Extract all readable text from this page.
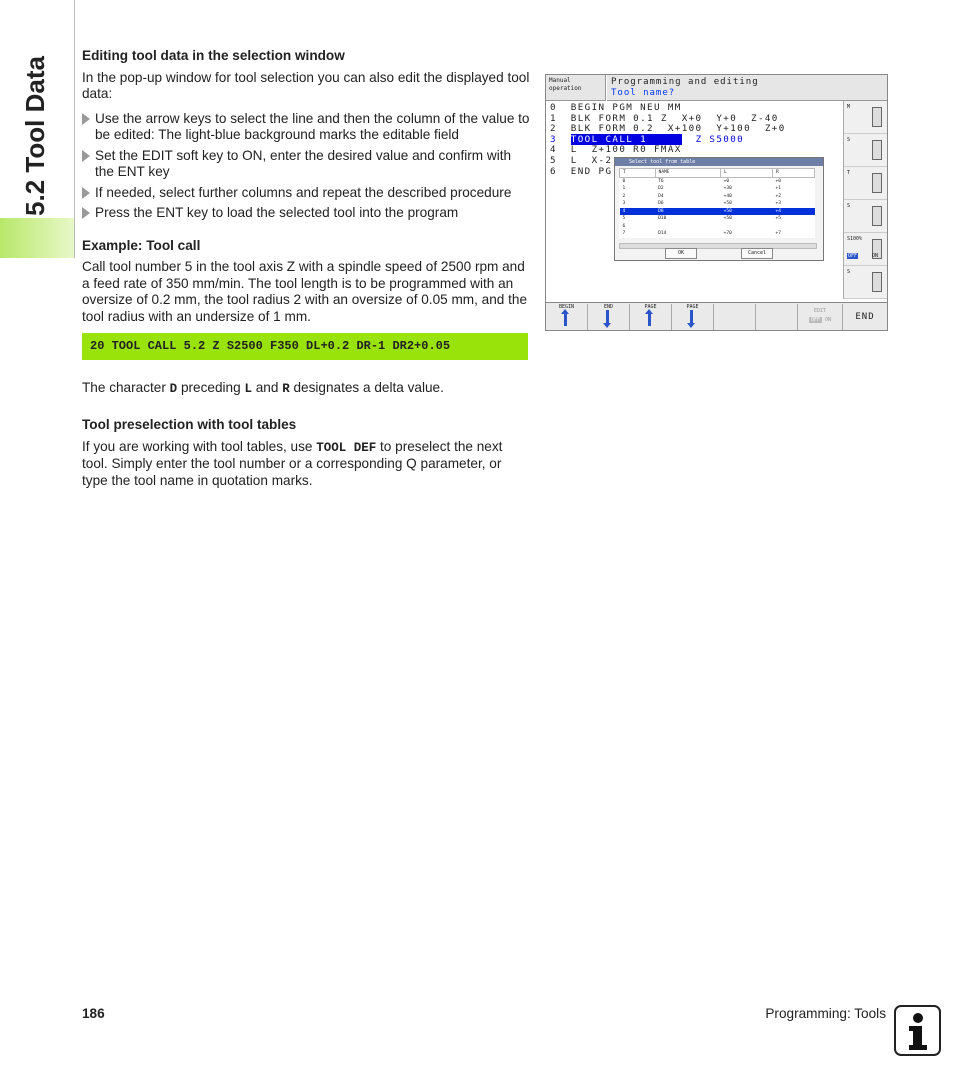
5.2 Tool Data
Editing tool data in the selection window

In the pop-up window for tool selection you can also edit the displayed tool data:

Use the arrow keys to select the line and then the column of the value to be edited: The light-blue background marks the editable field
Set the EDIT soft key to ON, enter the desired value and confirm with the ENT key
If needed, select further columns and repeat the described procedure
Press the ENT key to load the selected tool into the program
Example: Tool call

Call tool number 5 in the tool axis Z with a spindle speed of 2500 rpm and a feed rate of 350 mm/min. The tool length is to be programmed with an oversize of 0.2 mm, the tool radius 2 with an oversize of 0.05 mm, and the tool radius with an undersize of 1 mm.

20 TOOL CALL 5.2 Z S2500 F350 DL+0.2 DR-1 DR2+0.05

The character D preceding L and R designates a delta value.

Tool preselection with tool tables

If you are working with tool tables, use TOOL DEF to preselect the next tool. Simply enter the tool number or a corresponding Q parameter, or type the tool name in quotation marks.

Manual
operation
Programming and editing
Tool name?
0  BEGIN PGM NEU MM
1  BLK FORM 0.1 Z  X+0  Y+0  Z-40
2  BLK FORM 0.2  X+100  Y+100  Z+0
3  TOOL CALL 1       Z S5000
4  L  Z+100 R0 FMAX
5  L  X-2
6  END PG
M
S
T
S
S100%
OFF	ON
S
Select tool from table
T	NAME	L	R
0	T6	+0	+0
1	D2	+30	+1
2	D4	+40	+2
3	D6	+50	+3
4	D8	+50	+4
5	D10	+50	+5
6			
7	D14	+70	+7
OK	Cancel
BEGIN	END	PAGE	PAGE
EDIT
OFF ON	END
186	Programming: Tools
